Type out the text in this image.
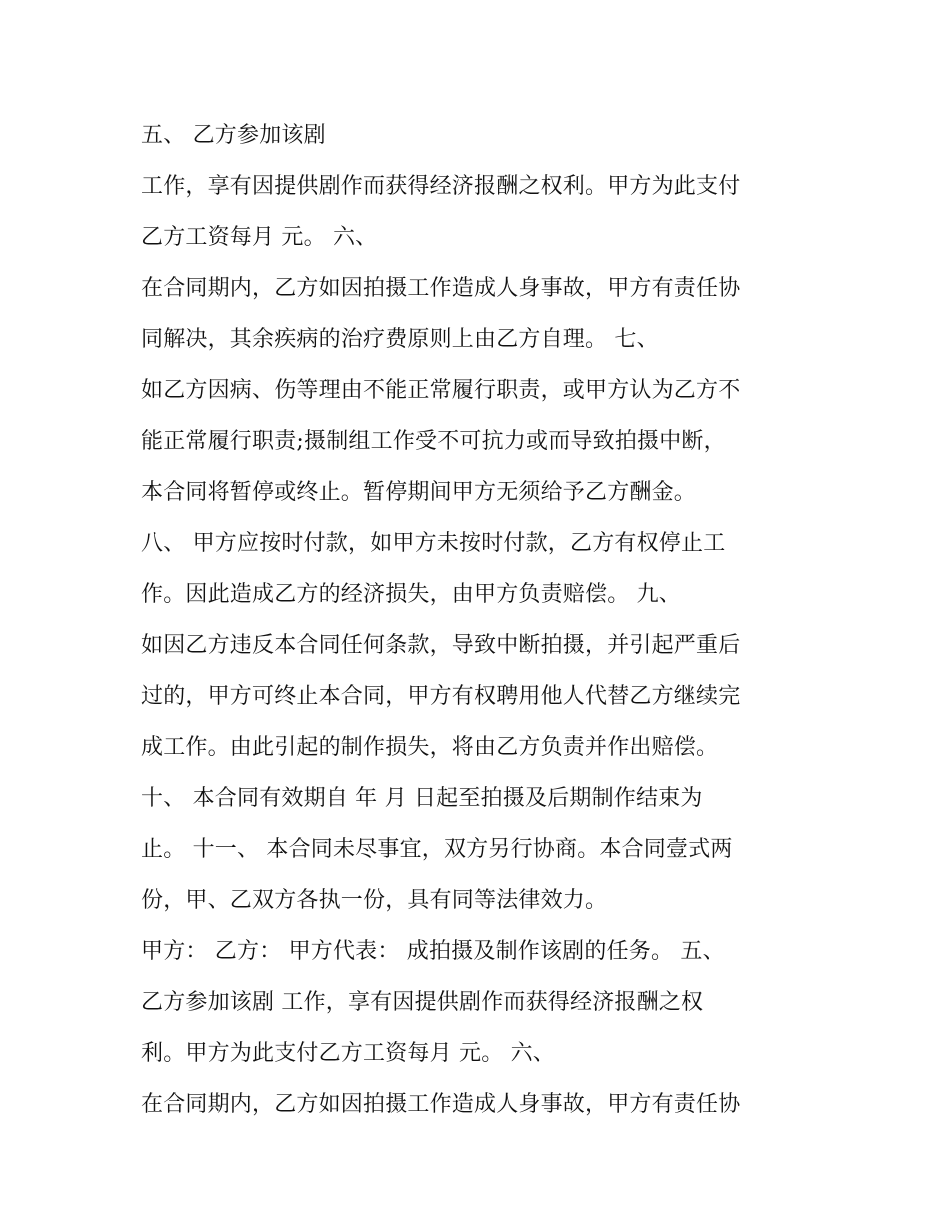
五、 乙方参加该剧
工作，享有因提供剧作而获得经济报酬之权利。甲方为此支付
乙方工资每月 元。 六、
在合同期内，乙方如因拍摄工作造成人身事故，甲方有责任协
同解决，其余疾病的治疗费原则上由乙方自理。 七、
如乙方因病、伤等理由不能正常履行职责，或甲方认为乙方不
能正常履行职责;摄制组工作受不可抗力或而导致拍摄中断，
本合同将暂停或终止。暂停期间甲方无须给予乙方酬金。
八、 甲方应按时付款，如甲方未按时付款，乙方有权停止工
作。因此造成乙方的经济损失，由甲方负责赔偿。 九、
如因乙方违反本合同任何条款，导致中断拍摄，并引起严重后
过的，甲方可终止本合同，甲方有权聘用他人代替乙方继续完
成工作。由此引起的制作损失，将由乙方负责并作出赔偿。
十、 本合同有效期自 年 月 日起至拍摄及后期制作结束为
止。 十一、 本合同未尽事宜，双方另行协商。本合同壹式两
份，甲、乙双方各执一份，具有同等法律效力。
甲方： 乙方： 甲方代表： 成拍摄及制作该剧的任务。 五、
乙方参加该剧 工作，享有因提供剧作而获得经济报酬之权
利。甲方为此支付乙方工资每月 元。 六、
在合同期内，乙方如因拍摄工作造成人身事故，甲方有责任协
